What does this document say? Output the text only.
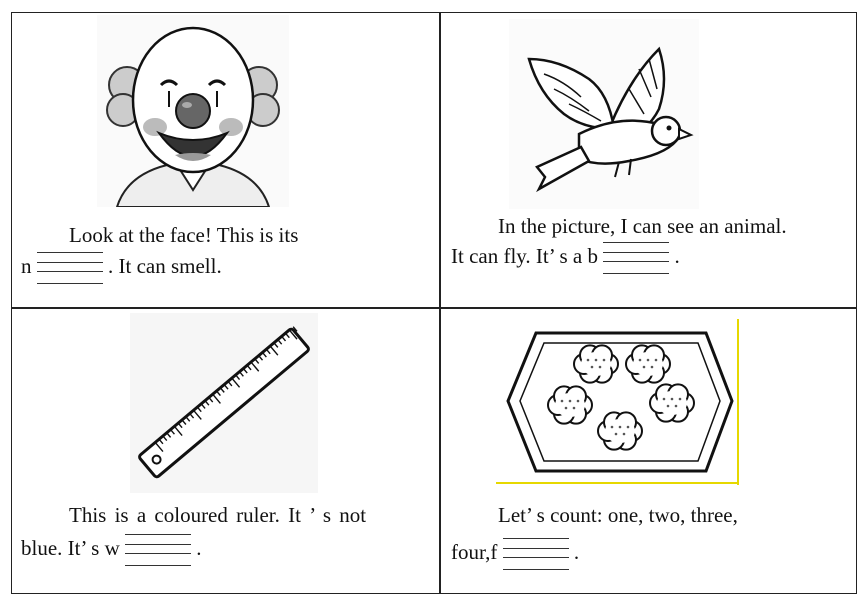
Look at the face! This is its
n	. It can smell.
In the picture, I can see an animal.
It can fly. It’ s a b	.
This is a coloured ruler. It ’ s not
blue. It’ s w	.
Let’ s count: one, two, three,
four,f	.
